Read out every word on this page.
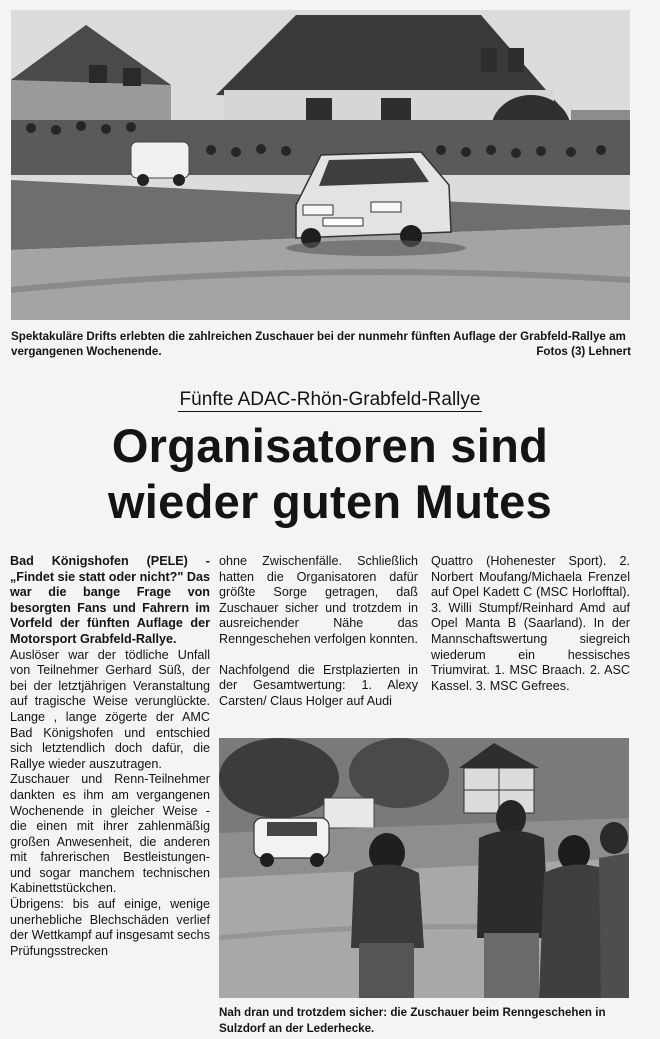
Spektakuläre Drifts erlebten die zahlreichen Zuschauer bei der nunmehr fünften Auflage der Grabfeld-Rallye am vergangenen Wochenende.	Fotos (3) Lehnert
Fünfte ADAC-Rhön-Grabfeld-Rallye
Organisatoren sind
wieder guten Mutes

Bad Königshofen (PELE) - „Findet sie statt oder nicht?" Das war die bange Frage von besorgten Fans und Fahrern im Vorfeld der fünften Auflage der Motorsport Grabfeld-Rallye.

Auslöser war der tödliche Unfall von Teilnehmer Gerhard Süß, der bei der letztjährigen Veranstaltung auf tragische Weise verunglückte. Lange , lange zögerte der AMC Bad Königshofen und entschied sich letztendlich doch dafür, die Rallye wieder auszutragen.

Zuschauer und Renn-Teilnehmer dankten es ihm am vergangenen Wochenende in gleicher Weise - die einen mit ihrer zahlenmäßig großen Anwesenheit, die anderen mit fahrerischen Bestleistungen-und sogar manchem technischen Kabinettstückchen.

Übrigens: bis auf einige, wenige unerhebliche Blechschäden verlief der Wettkampf auf insgesamt sechs Prüfungsstrecken

ohne Zwischenfälle. Schließlich hatten die Organisatoren dafür größte Sorge getragen, daß Zuschauer sicher und trotzdem in ausreichender Nähe das Renngeschehen verfolgen konnten.

Nachfolgend die Erstplazierten in der Gesamtwertung: 1. Alexy Carsten/ Claus Holger auf Audi

Quattro (Hohenester Sport). 2. Norbert Moufang/Michaela Frenzel auf Opel Kadett C (MSC Horlofftal). 3. Willi Stumpf/Reinhard Amd auf Opel Manta B (Saarland). In der Mannschaftswertung siegreich wiederum ein hessisches Triumvirat. 1. MSC Braach. 2. ASC Kassel. 3. MSC Gefrees.

Nah dran und trotzdem sicher: die Zuschauer beim Renngeschehen in Sulzdorf an der Lederhecke.
